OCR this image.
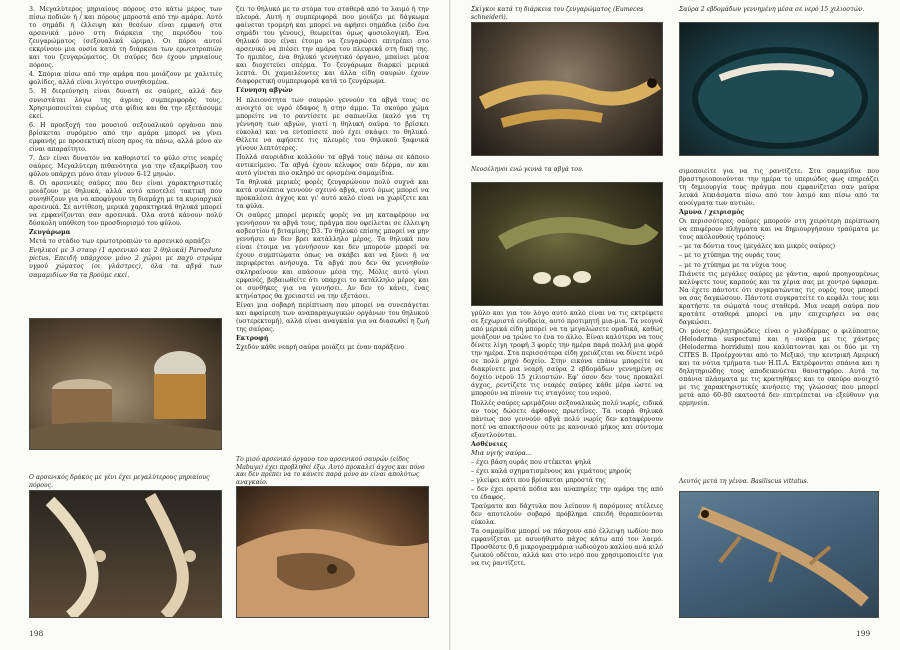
3. Μεγαλύτερος μηριαίους πόρους στο κάτω μέρος των πίσω ποδιών ή / και πόρους μπροστά από την αμάρα. Αυτό το σημάδι ή έλλειψη και θεσέων είναι εμφανή στα αρσενικά μόνο στη διάρκεια της περιόδου του ζευγαρώματος (σεξουαλικά ώριμα). Οι πόροι αυτοί εκκρίνουν μια ουσία κατά τη διάρκεια των ερωτοτροπιών και του ζευγαρώματος. Οι σαύρες δεν έχουν μηριαίους πόρους.

4. Σπόρια πίσω από την αμάρα που μοιάζουν με χαλιτιές φολίδες, αλλά είναι λιγότερο συνηθισμένα.

5. Η διερεύνηση είναι δυνατή σε σαύρες, αλλά δεν συνιστάται λόγω της άγριας συμπεριφοράς τους. Χρησιμοποιείται ευρέως στα φίδια και θα την εξετάσουμε εκεί.

6. Η προεξοχή του μουσιού σεξουαλικού οργάνου που βρίσκεται συρόμενο από την αμάρα μπορεί να γίνει εμφανής με προσεκτική πίεση προς τα πάνω, αλλά μόνο αν είναι απαραίτητο.

7. Δεν είναι δυνατόν να καθοριστεί το φύλο στις νεαρές σαύρες. Μεγαλύτερη πιθανότητα για την εξακρίβωση του φύλου υπάρχει μόνο όταν γίνουν 6-12 μηνών.

8. Οι αρσενικές σαύρες που δεν είναι χαρακτηριστικές μοιάζουν με θηλυκά, αλλά αυτό αποτελεί τακτική που συνηθίζουν για να αποφύγουν τη διαμάχη με τα κυριαρχικά αρσενικά. Σε αντίθεση, μερικά χαρακτηρικά θηλυκά μπορεί να εμφανίζονται σαν αρσενικά. Όλα αυτά κάνουν πολύ δύσκολη υπόθεση τον προσδιορισμό του φύλου.

Ζευγάρωμα

Μετά το στάδιο των ερωτοτροπιών το αρσενικό αρπάζει

Ενηλικοί με 3 σταυρ (1 αρσενικό και 2 θηλυκά) Paroedura pictus. Επειδή υπάρχουν μόνο 2 χώροι με παχύ στρώμα υγρού χώματος (οι γλάστρες), όλα τα αβγά των σαμαμιδίων θα τα βρούμε εκεί.

Ο αρσενικός δράκος με γένι έχει μεγαλύτερους μηριαίους πόρους.

ζει το θηλυκό με το στόμα του σταθερά από το λαιμό ή την πλευρά. Αυτή η συμπεριφορά που μοιάζει με δάγκωμα φαίνεται τρομερή και μπορεί να αφήσει σημάδια (είδο ένα σημάδι του γένους), θεωρείται όμως φυσιολογική. Ένα θηλυκό που είναι έτοιμο να ζευγαρώσει επιτρέπει στο αρσενικό να πιέσει την αμάρα του πλευρικά στη δική της. Το ημιπέος, ένα θηλυκό γεννητικό όργανο, μπαίνει μέσα και διοχετεύει σπέρμα. Το ζευγάρωμα διαρκεί μερικά λεπτά. Οι χαμαιλέοντες και άλλα είδη σαυρών έχουν διαφορετική συμπεριφορά κατά το ζευγάρωμα.

Γέννηση αβγών

Η πλειονότητα των σαυρών γεννούν τα αβγά τους σε ανοιχτό σε υγρό έδαφος ή στην άμμο. Το σκούρο χώμα μπορείτε να το ραντίσετε με σαπωνίλα (καλό για τη γέννηση των αβγών, γιατί η θηλυκή σαύρα το βρίσκει εύκολα) και να εντοπίσετε πού έχει σκάψει το θηλυκό. Θέλετε να αφήσετε τις πλευρές του θηλυκού ξαφνικά γίνουν λεπτότερες.

Πολλά σαυριάδια κολλούν τα αβγά τους πάνω σε κάποιο αντικείμενο. Τα αβγά έχουν κέλυφος σαν δέρμα, αν και αυτό γίνεται πιο σκληρό σε ορισμένα σαμαμίδια.

Τα θηλυκά μερικές φορές ζευγαρώνουν πολύ συχνά και κατά συνέπεια γεννούν σχεινό αβγά, αυτό όμως μπορεί να προκαλέσει άγχος και γι' αυτό καλό είναι να χωρίζετε και τα φύλα.

Οι σαύρες μπορεί μερικές φορές να μη καταφέρουν να γεννήσουν τα αβγά τους, πράγμα που οφείλεται σε έλλειψη ασβεστίου ή βιταμίνης D3. Το θηλυκό επίσης μπορεί να μην γεννήσει αν δεν βρει κατάλληλο μέρος. Τα θηλυκά που είναι έτοιμα να γεννήσουν και δεν μπορούν μπορεί να έχουν συμπτώματα όπως να σκάβει και να ξύνει ή να περιφέρεται ανήσυχα. Τα αβγά που δεν θα γεννηθούν σκληραίνουν και σπάσουν μέσα της. Μόλις αυτό γίνει εμφανές, βεβαιωθείτε ότι υπάρχει το κατάλληλο μέρος και οι συνθήκες για να γεννήσει. Αν δεν το κάνει, ένας κτηνίατρος θα χρειαστεί να την εξετάσει.

Είναι μια σοβαρή περίπτωση που μπορεί να συνεπάγεται και αφαίρεση των αναπαραγωγικών οργάνων του θηλυκού (υστερεκτομή), αλλά είναι αναγκαία για να διασωθεί η ζωή της σαύρας.

Εκτροφή

Σχεδόν κάθε νεαρή σαύρα μοιάζει με έναν παράξενο

Το μισό αρσενικό όργανο του αρσενικού σαυρών (είδος Mabuya) έχει προβληθεί έξω. Αυτό προκαλεί άγχος και πόνο και δεν πρέπει να το κάνετε παρά μόνο αν είναι απολύτως αναγκαίο.
198
Σκίγκοι κατά τη διάρκεια του ζευγαρώματος (Eumeces schneideri).
Σαύρα 2 εβδομάδων γεννημένη μέσα σε νερό 15 χιλιοστών.
Νεοσέληνοι ενώ γεννά τα αβγά του.

γρύλο και για τον λόγο αυτό καλό είναι να τις εκτρέφετε σε ξεχωριστά ενυδρεία, αυτό προτιμητή μια-μια. Τα νεογνά από μερικά είδη μπορεί να τα μεγαλώσετε ομαδικά, καθώς μοιάζουν να τρώνε το ένα το άλλο. Είναι καλύτερα να τους δίνετε λίγη τροφή 3 φορές την ημέρα παρά πολλή μια φορά την ημέρα. Στα περισσότερα είδη χρειάζεται να δίνετε νερό σε πολύ ρηχό δοχείο. Στην εικόνα επάνω μπορείτε να διακρίνετε μια νεαρή σαύρα 2 εβδομάδων γεννημένη σε δοχείο νερού 15 χιλιοστών. Εφ' όσον δεν τους προκαλεί άγχος, ρεντίζετε τις νεαρές σαύρες κάθε μέρα ώστε να μπορούν να πίνουν τις σταγόνες του νερού.

Πολλές σαύρες ωριμάζουν σεξουαλικώς πολύ νωρίς, ειδικά αν τους δώσετε άφθονες πρωτεΐνες. Τα νεαρά θηλυκά πάντως που γεννούν αβγά πολύ νωρίς δεν καταφέρνουν ποτέ να αποκτήσουν ούτε με κανονικό μήκος και σύντομα εξαντλούνται.

Ασθένειες

Μια υγιής σαύρα...

– έχει βάση ουράς που στέκεται ψηλά

– έχει καλά σχηματισμένους και γεμάτους μηρούς

– γλείφει κάτι που βρίσκεται μπροστά της

– δεν έχει ορατά πόδια και αναπηρίες την αμάρα της από το έδαφος.

Τραύματα και δάχτυλα που λείπουν ή παρόμοιες ατέλειες δεν αποτελούν σοβαρό πρόβλημα επειδή θεραπεύονται εύκολα.

Τα σαμαμίδια μπορεί να πάσχουν από έλλειψη ιωδίου που εμφανίζεται με ασυνήθιστο πάχος κάτω από τον λαιμό. Προσθέστε 0,6 μικρογραμμάρια ιωδιούχου καλίου ανά κιλό ζωικού οδέτου, αλλά και στο νερό που χρησιμοποιείτε για να τις ραντίζετε.

σιμοποιείτε για να τις ραντίζετε. Στα σαμαμίδια που βραστηριοποιούνται την ημέρα το υπεριώδες φως επηρεάζει τη δημιουργία τους πράγμα που εμφανίζεται σαν μαύρα λευκά λεκιάσματα πίσω από τον λαιμό και πίσω από τα ανοίγματα των αυτιών.

Άμυνα / χειρισμός

Οι περισσότερες σαύρες μπορούν στη χειρότερη περίπτωση να επιφέρουν πλήγματα και να δημιουργήσουν τραύματα με τους ακόλουθους τρόπους:

– με τα δόντια τους (μεγάλες και μικρές σαύρες)

– με το χτύπημα της ουράς τους

– με το χτύπημα με τα νύχια τους

Πιάνετε τις μεγάλες σαύρες με γάντια, αφού προηγουμένως καλύψετε τους καρπούς και τα χέρια σας με χοντρό ύφασμα. Να έχετε πάντοτε ότι συγκρατώντας τις ουρές τους μπορεί να σας δαγκώσουν. Πάντοτε συγκρατείτε το κεφάλι τους και κρατήστε τα σώματά τους σταθερά. Μια νεαρή σαύρα που κρατάτε σταθερά μπορεί να μην επιχειρήσει να σας δαγκώσει.

Οι μόνες δηλητηριώδεις είναι ο γιλοδέρμας ο φιλύποπτος (Heloderma suspectum) και η σαύρα με τις χάντρες (Heloderma horridum) που καλύπτονται και οι δύο με τη CITES B. Προέρχονται από το Μεξικό, την κεντρική Αμερική και τα νότια τμήματα των Η.Π.Α. Εκτρέφονται σπάνια και η δηλητηριώδης τους αποδεικνύεται θανατηφόρο. Αυτά τα σπάνια πλάσματα με τις κρατηθήκες και το σκούρο ανοιχτό με τις χαρακτηριστικές κινήσεις της γλώσσας που μπορεί μετά από 60-80 εκατοστά δεν επιτρέπεται να εξεύθουν για ερμηνεία.

Λευτός μετά τη γέννα. Basiliscus vittatus.
199
